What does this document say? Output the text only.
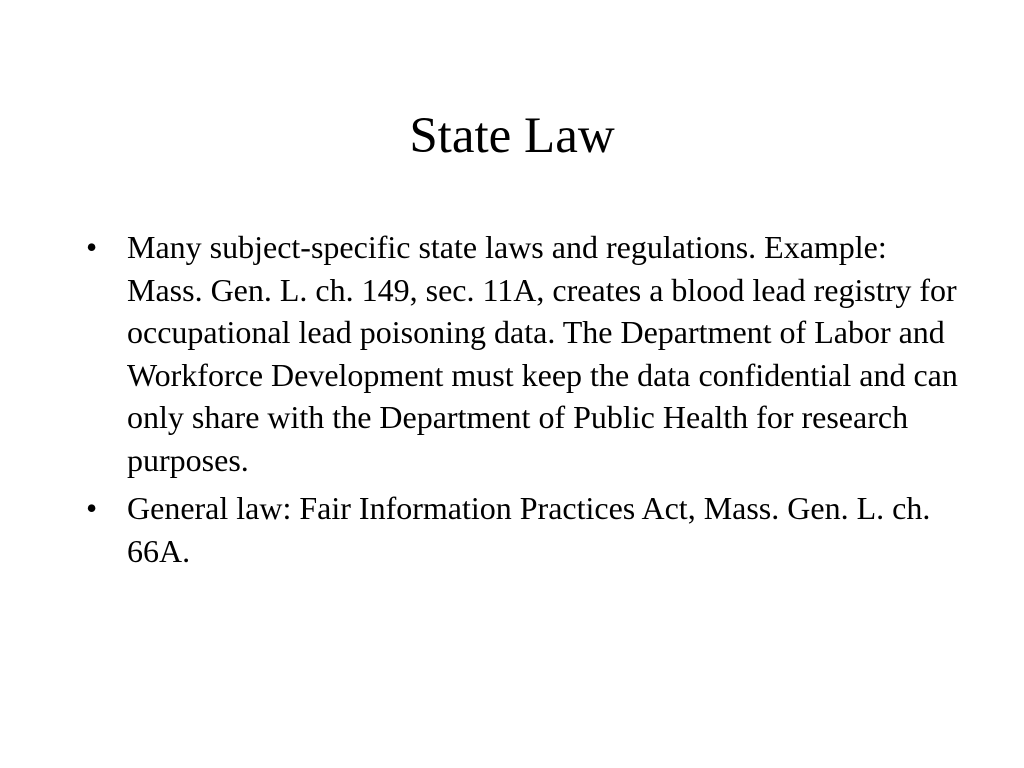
State Law
• Many subject-specific state laws and regulations. Example: Mass. Gen. L. ch. 149, sec. 11A, creates a blood lead registry for occupational lead poisoning data. The Department of Labor and Workforce Development must keep the data confidential and can only share with the Department of Public Health for research purposes.
• General law: Fair Information Practices Act, Mass. Gen. L. ch. 66A.
